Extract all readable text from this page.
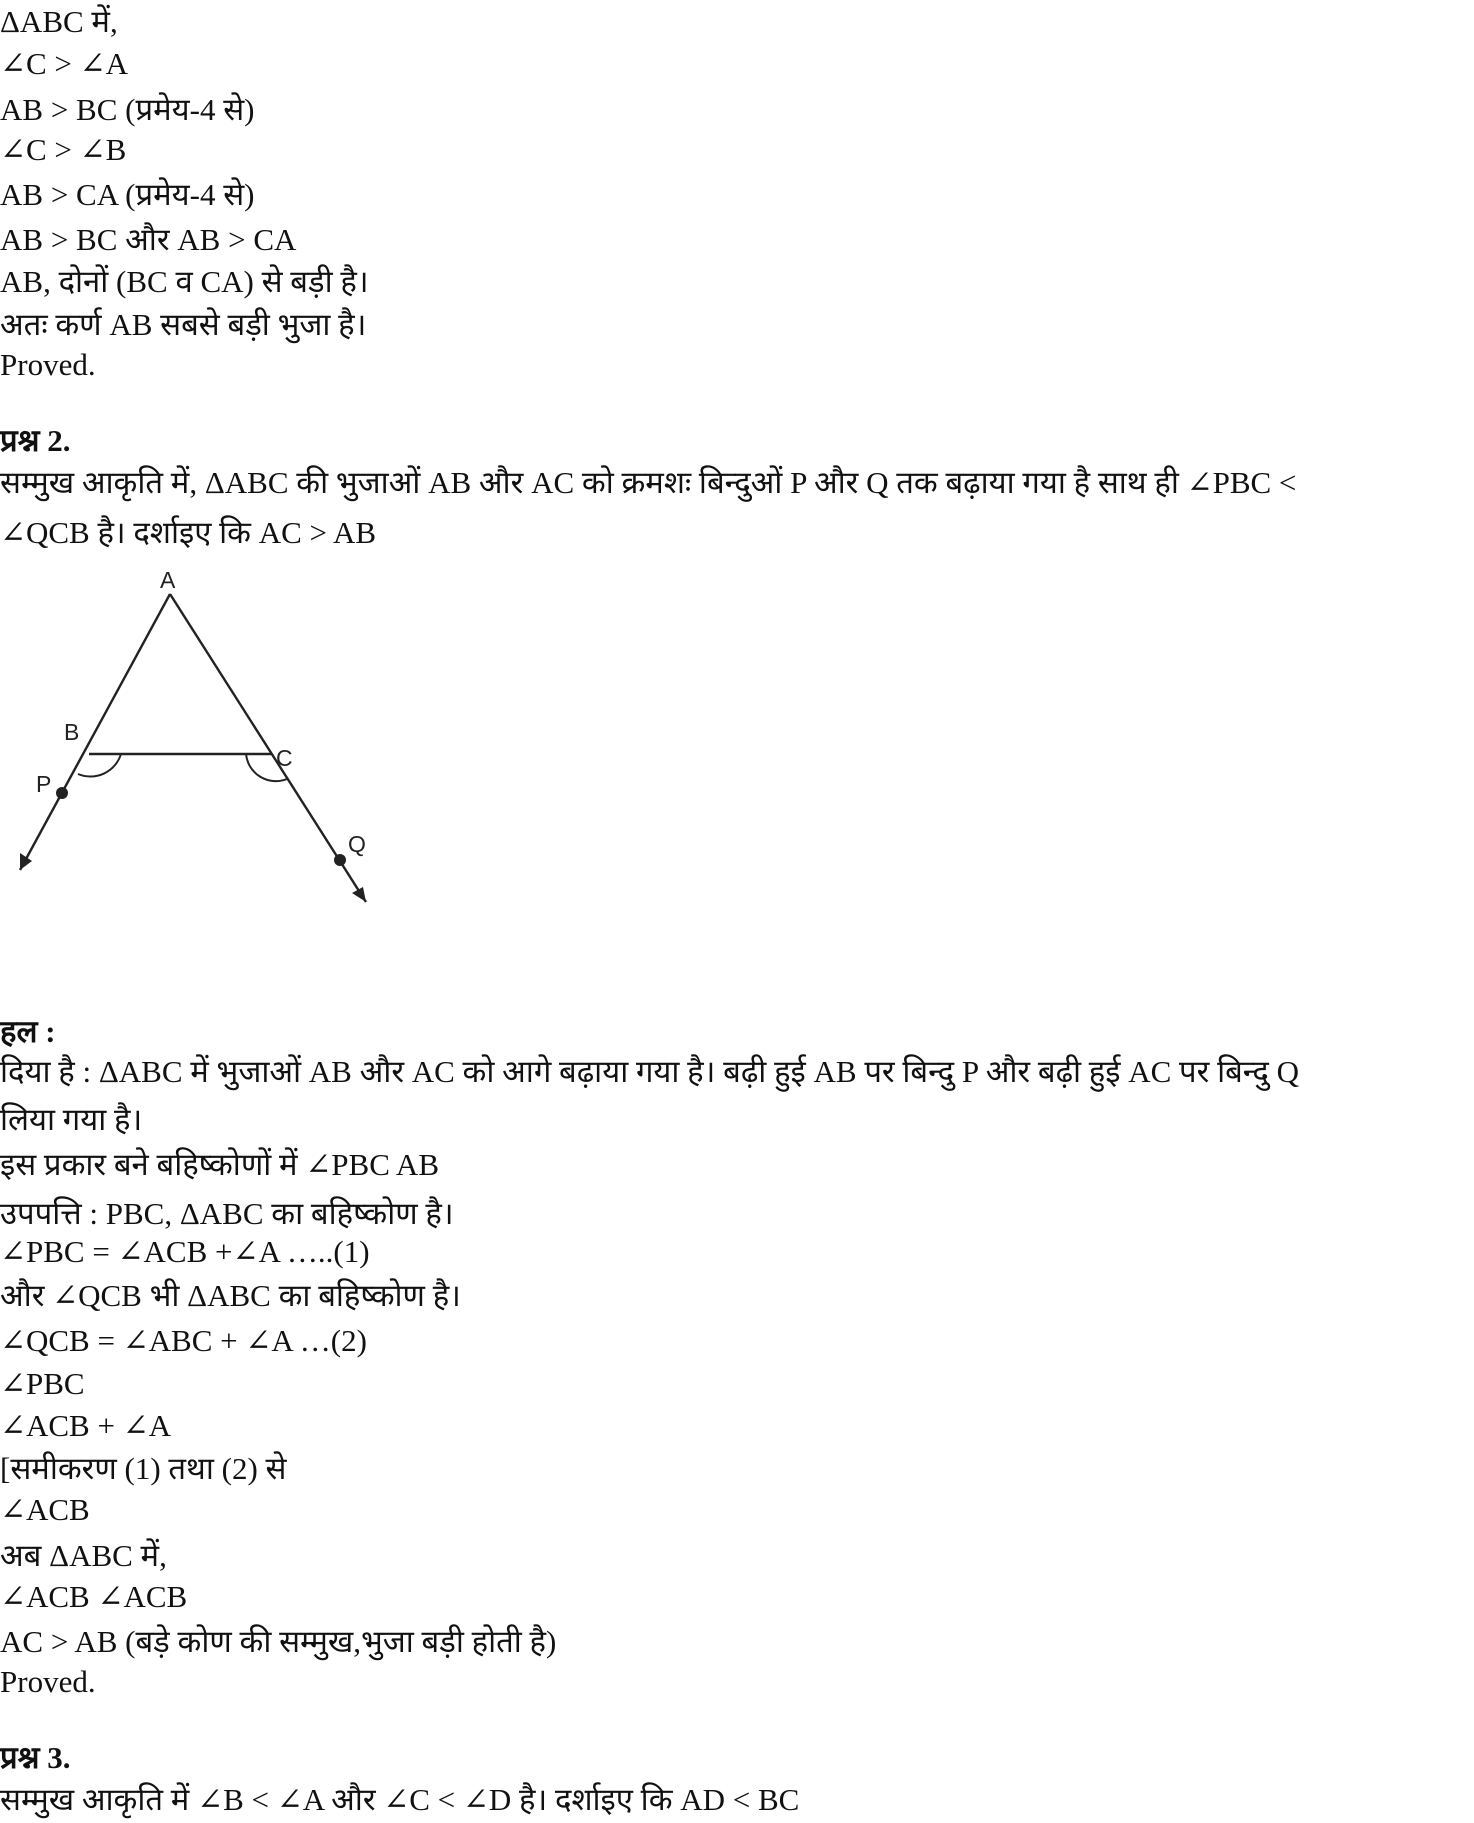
ΔABC में,
∠C > ∠A
AB > BC (प्रमेय-4 से)
∠C > ∠B
AB > CA (प्रमेय-4 से)
AB > BC और AB > CA
AB, दोनों (BC व CA) से बड़ी है।
अतः कर्ण AB सबसे बड़ी भुजा है।
Proved.
प्रश्न 2.
सम्मुख आकृति में, ΔABC की भुजाओं AB और AC को क्रमशः बिन्दुओं P और Q तक बढ़ाया गया है साथ ही ∠PBC <
∠QCB है। दर्शाइए कि AC > AB
A
B
C
P
Q
हल :
दिया है : ΔABC में भुजाओं AB और AC को आगे बढ़ाया गया है। बढ़ी हुई AB पर बिन्दु P और बढ़ी हुई AC पर बिन्दु Q
लिया गया है।
इस प्रकार बने बहिष्कोणों में ∠PBC AB
उपपत्ति : PBC, ΔABC का बहिष्कोण है।
∠PBC = ∠ACB +∠A …..(1)
और ∠QCB भी ΔABC का बहिष्कोण है।
∠QCB = ∠ABC + ∠A …(2)
∠PBC
∠ACB + ∠A
[समीकरण (1) तथा (2) से
∠ACB
अब ΔABC में,
∠ACB ∠ACB
AC > AB (बड़े कोण की सम्मुख,भुजा बड़ी होती है)
Proved.
प्रश्न 3.
सम्मुख आकृति में ∠B < ∠A और ∠C < ∠D है। दर्शाइए कि AD < BC
